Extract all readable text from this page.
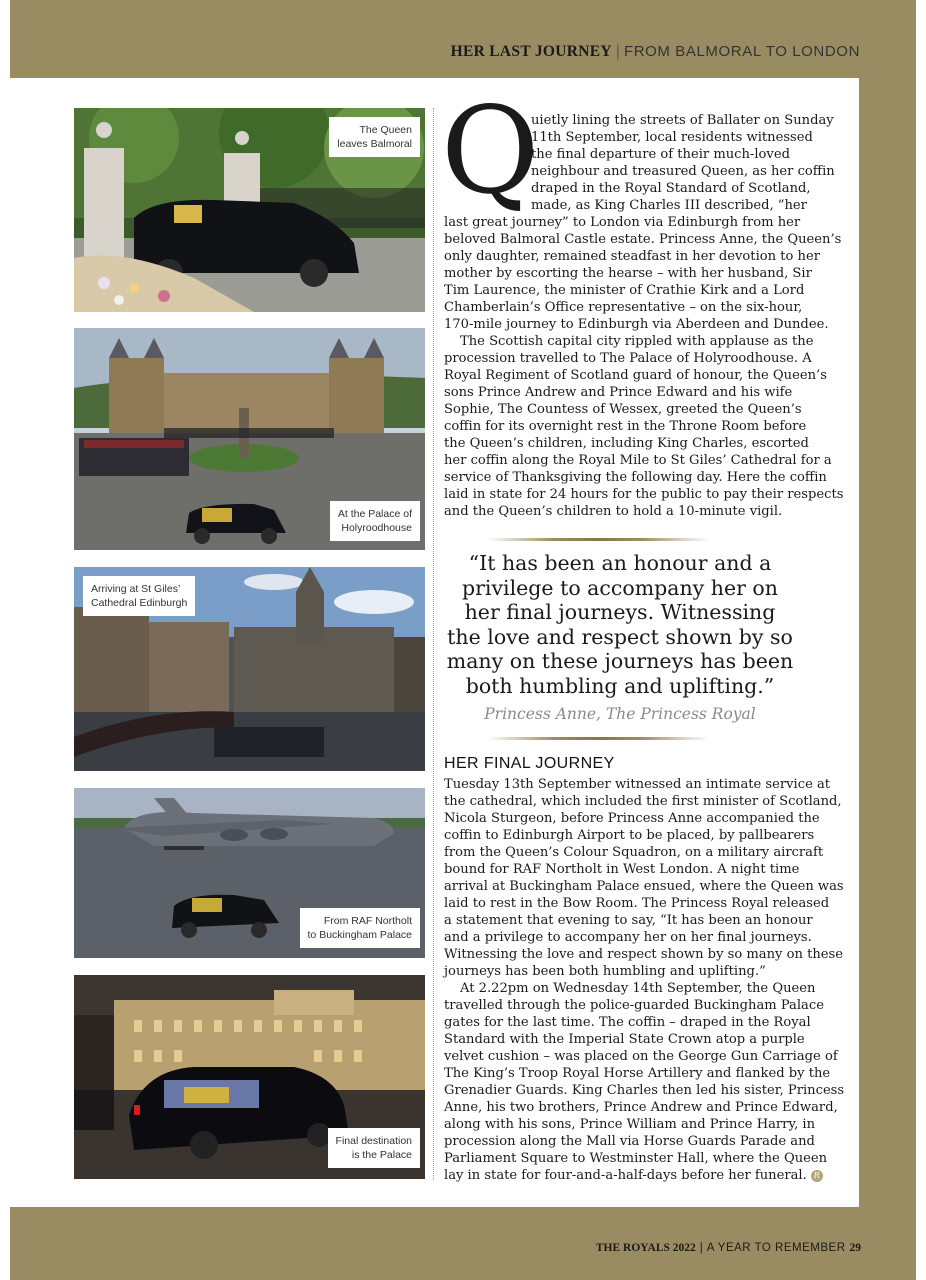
HER LAST JOURNEY | FROM BALMORAL TO LONDON
The Queen
leaves Balmoral
At the Palace of
Holyroodhouse
Arriving at St Giles’
Cathedral Edinburgh
From RAF Northolt
to Buckingham Palace
Final destination
is the Palace
Q
uietly lining the streets of Ballater on Sunday
11th September, local residents witnessed
the final departure of their much-loved
neighbour and treasured Queen, as her coffin
draped in the Royal Standard of Scotland,
made, as King Charles III described, “her
last great journey” to London via Edinburgh from her
beloved Balmoral Castle estate. Princess Anne, the Queen’s
only daughter, remained steadfast in her devotion to her
mother by escorting the hearse – with her husband, Sir
Tim Laurence, the minister of Crathie Kirk and a Lord
Chamberlain’s Office representative – on the six-hour,
170-mile journey to Edinburgh via Aberdeen and Dundee.
The Scottish capital city rippled with applause as the
procession travelled to The Palace of Holyroodhouse. A
Royal Regiment of Scotland guard of honour, the Queen’s
sons Prince Andrew and Prince Edward and his wife
Sophie, The Countess of Wessex, greeted the Queen’s
coffin for its overnight rest in the Throne Room before
the Queen’s children, including King Charles, escorted
her coffin along the Royal Mile to St Giles’ Cathedral for a
service of Thanksgiving the following day. Here the coffin
laid in state for 24 hours for the public to pay their respects
and the Queen’s children to hold a 10-minute vigil.
“It has been an honour and a
privilege to accompany her on
her final journeys. Witnessing
the love and respect shown by so
many on these journeys has been
both humbling and uplifting.”
Princess Anne, The Princess Royal
HER FINAL JOURNEY
Tuesday 13th September witnessed an intimate service at
the cathedral, which included the first minister of Scotland,
Nicola Sturgeon, before Princess Anne accompanied the
coffin to Edinburgh Airport to be placed, by pallbearers
from the Queen’s Colour Squadron, on a military aircraft
bound for RAF Northolt in West London. A night time
arrival at Buckingham Palace ensued, where the Queen was
laid to rest in the Bow Room. The Princess Royal released
a statement that evening to say, “It has been an honour
and a privilege to accompany her on her final journeys.
Witnessing the love and respect shown by so many on these
journeys has been both humbling and uplifting.”
At 2.22pm on Wednesday 14th September, the Queen
travelled through the police-guarded Buckingham Palace
gates for the last time. The coffin – draped in the Royal
Standard with the Imperial State Crown atop a purple
velvet cushion – was placed on the George Gun Carriage of
The King’s Troop Royal Horse Artillery and flanked by the
Grenadier Guards. King Charles then led his sister, Princess
Anne, his two brothers, Prince Andrew and Prince Edward,
along with his sons, Prince William and Prince Harry, in
procession along the Mall via Horse Guards Parade and
Parliament Square to Westminster Hall, where the Queen
lay in state for four-and-a-half-days before her funeral. R
THE ROYALS 2022 | A YEAR TO REMEMBER 29
